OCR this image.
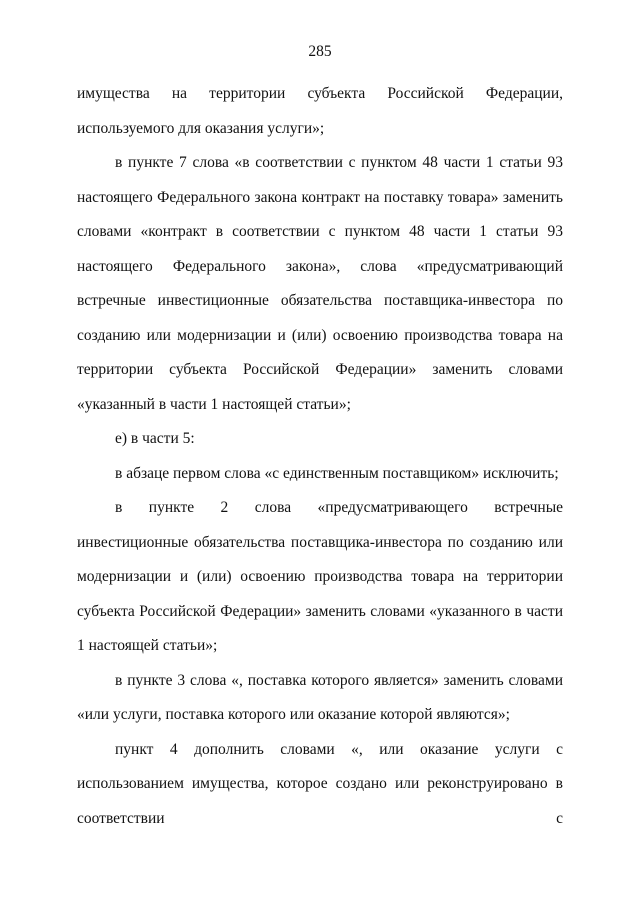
285

имущества на территории субъекта Российской Федерации, используемого для оказания услуги»;

в пункте 7 слова «в соответствии с пунктом 48 части 1 статьи 93 настоящего Федерального закона контракт на поставку товара» заменить словами «контракт в соответствии с пунктом 48 части 1 статьи 93 настоящего Федерального закона», слова «предусматривающий встречные инвестиционные обязательства поставщика-инвестора по созданию или модернизации и (или) освоению производства товара на территории субъекта Российской Федерации» заменить словами «указанный в части 1 настоящей статьи»;

е) в части 5:

в абзаце первом слова «с единственным поставщиком» исключить;

в пункте 2 слова «предусматривающего встречные инвестиционные обязательства поставщика-инвестора по созданию или модернизации и (или) освоению производства товара на территории субъекта Российской Федерации» заменить словами «указанного в части 1 настоящей статьи»;

в пункте 3 слова «, поставка которого является» заменить словами «или услуги, поставка которого или оказание которой являются»;

пункт 4 дополнить словами «, или оказание услуги с использованием имущества, которое создано или реконструировано в соответствии с
